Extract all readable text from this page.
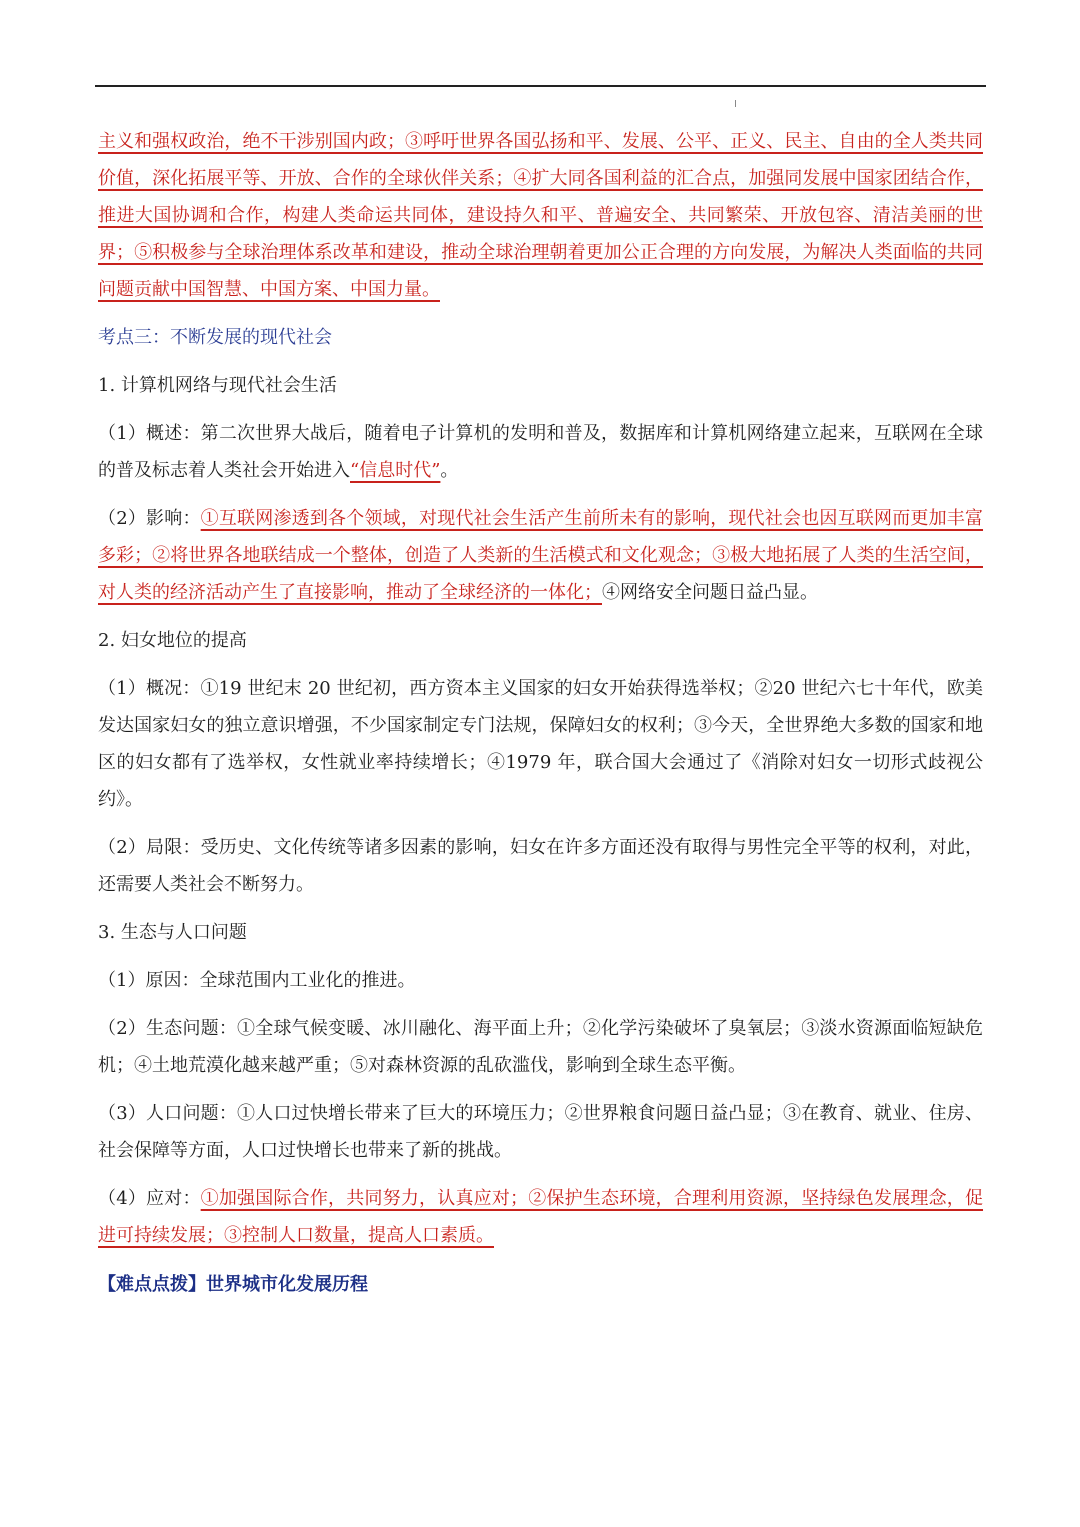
主义和强权政治，绝不干涉别国内政；③呼吁世界各国弘扬和平、发展、公平、正义、民主、自由的全人类共同价值，深化拓展平等、开放、合作的全球伙伴关系；④扩大同各国利益的汇合点，加强同发展中国家团结合作，推进大国协调和合作，构建人类命运共同体，建设持久和平、普遍安全、共同繁荣、开放包容、清洁美丽的世界；⑤积极参与全球治理体系改革和建设，推动全球治理朝着更加公正合理的方向发展，为解决人类面临的共同问题贡献中国智慧、中国方案、中国力量。

考点三：不断发展的现代社会

1. 计算机网络与现代社会生活

（1）概述：第二次世界大战后，随着电子计算机的发明和普及，数据库和计算机网络建立起来，互联网在全球的普及标志着人类社会开始进入“信息时代”。

（2）影响：①互联网渗透到各个领域，对现代社会生活产生前所未有的影响，现代社会也因互联网而更加丰富多彩；②将世界各地联结成一个整体，创造了人类新的生活模式和文化观念；③极大地拓展了人类的生活空间，对人类的经济活动产生了直接影响，推动了全球经济的一体化；④网络安全问题日益凸显。

2. 妇女地位的提高

（1）概况：①19 世纪末 20 世纪初，西方资本主义国家的妇女开始获得选举权；②20 世纪六七十年代，欧美发达国家妇女的独立意识增强，不少国家制定专门法规，保障妇女的权利；③今天，全世界绝大多数的国家和地区的妇女都有了选举权，女性就业率持续增长；④1979 年，联合国大会通过了《消除对妇女一切形式歧视公约》。

（2）局限：受历史、文化传统等诸多因素的影响，妇女在许多方面还没有取得与男性完全平等的权利，对此，还需要人类社会不断努力。

3. 生态与人口问题

（1）原因：全球范围内工业化的推进。

（2）生态问题：①全球气候变暖、冰川融化、海平面上升；②化学污染破坏了臭氧层；③淡水资源面临短缺危机；④土地荒漠化越来越严重；⑤对森林资源的乱砍滥伐，影响到全球生态平衡。

（3）人口问题：①人口过快增长带来了巨大的环境压力；②世界粮食问题日益凸显；③在教育、就业、住房、社会保障等方面，人口过快增长也带来了新的挑战。

（4）应对：①加强国际合作，共同努力，认真应对；②保护生态环境，合理利用资源，坚持绿色发展理念，促进可持续发展；③控制人口数量，提高人口素质。

【难点点拨】世界城市化发展历程
